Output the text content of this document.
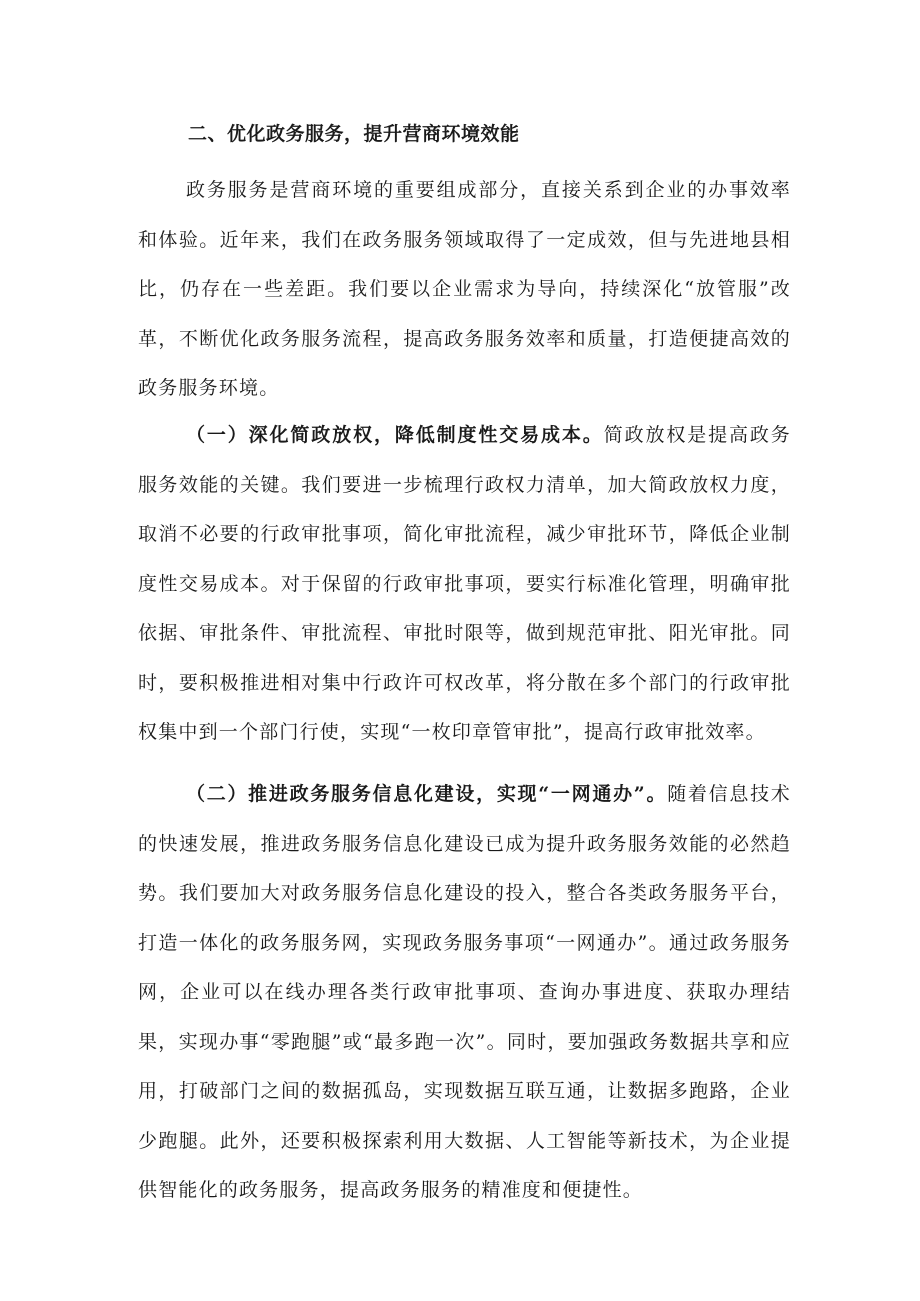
二、优化政务服务，提升营商环境效能

政务服务是营商环境的重要组成部分，直接关系到企业的办事效率和体验。近年来，我们在政务服务领域取得了一定成效，但与先进地县相比，仍存在一些差距。我们要以企业需求为导向，持续深化“放管服”改革，不断优化政务服务流程，提高政务服务效率和质量，打造便捷高效的政务服务环境。

（一）深化简政放权，降低制度性交易成本。简政放权是提高政务服务效能的关键。我们要进一步梳理行政权力清单，加大简政放权力度，取消不必要的行政审批事项，简化审批流程，减少审批环节，降低企业制度性交易成本。对于保留的行政审批事项，要实行标准化管理，明确审批依据、审批条件、审批流程、审批时限等，做到规范审批、阳光审批。同时，要积极推进相对集中行政许可权改革，将分散在多个部门的行政审批权集中到一个部门行使，实现“一枚印章管审批”，提高行政审批效率。

（二）推进政务服务信息化建设，实现“一网通办”。随着信息技术的快速发展，推进政务服务信息化建设已成为提升政务服务效能的必然趋势。我们要加大对政务服务信息化建设的投入，整合各类政务服务平台，打造一体化的政务服务网，实现政务服务事项“一网通办”。通过政务服务网，企业可以在线办理各类行政审批事项、查询办事进度、获取办理结果，实现办事“零跑腿”或“最多跑一次”。同时，要加强政务数据共享和应用，打破部门之间的数据孤岛，实现数据互联互通，让数据多跑路，企业少跑腿。此外，还要积极探索利用大数据、人工智能等新技术，为企业提供智能化的政务服务，提高政务服务的精准度和便捷性。
